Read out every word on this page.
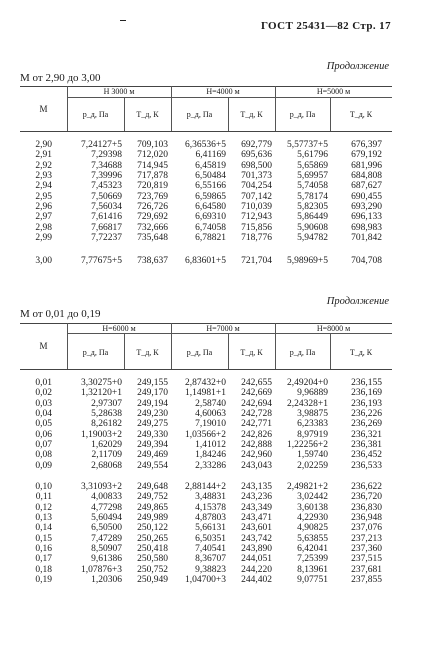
ГОСТ 25431—82 Стр. 17
Продолжение
М от 2,90 до 3,00
М
H 3000 м	H=4000 м	H=5000 м
p_д, Па	T_д, К	p_д, Па	T_д, К	p_д, Па	T_д, К
2,90	7,24127+5	709,103	6,36536+5	692,779	5,57737+5	676,397
2,91	7,29398	712,020	6,41169	695,636	5,61796	679,192
2,92	7,34688	714,945	6,45819	698,500	5,65869	681,996
2,93	7,39996	717,878	6,50484	701,373	5,69957	684,808
2,94	7,45323	720,819	6,55166	704,254	5,74058	687,627
2,95	7,50669	723,769	6,59865	707,142	5,78174	690,455
2,96	7,56034	726,726	6,64580	710,039	5,82305	693,290
2,97	7,61416	729,692	6,69310	712,943	5,86449	696,133
2,98	7,66817	732,666	6,74058	715,856	5,90608	698,983
2,99	7,72237	735,648	6,78821	718,776	5,94782	701,842
3,00	7,77675+5	738,637	6,83601+5	721,704	5,98969+5	704,708
Продолжение
М от 0,01 до 0,19
М
H=6000 м	H=7000 м	H=8000 м
p_д, Па	T_д, К	p_д, Па	T_д, К	p_д, Па	T_д, К
0,01	3,30275+0	249,155	2,87432+0	242,655	2,49204+0	236,155
0,02	1,32120+1	249,170	1,14981+1	242,669	9,96889	236,169
0,03	2,97307	249,194	2,58740	242,694	2,24328+1	236,193
0,04	5,28638	249,230	4,60063	242,728	3,98875	236,226
0,05	8,26182	249,275	7,19010	242,771	6,23383	236,269
0,06	1,19003+2	249,330	1,03566+2	242,826	8,97919	236,321
0,07	1,62029	249,394	1,41012	242,888	1,22256+2	236,381
0,08	2,11709	249,469	1,84246	242,960	1,59740	236,452
0,09	2,68068	249,554	2,33286	243,043	2,02259	236,533
0,10	3,31093+2	249,648	2,88144+2	243,135	2,49821+2	236,622
0,11	4,00833	249,752	3,48831	243,236	3,02442	236,720
0,12	4,77298	249,865	4,15378	243,349	3,60138	236,830
0,13	5,60494	249,989	4,87803	243,471	4,22930	236,948
0,14	6,50500	250,122	5,66131	243,601	4,90825	237,076
0,15	7,47289	250,265	6,50351	243,742	5,63855	237,213
0,16	8,50907	250,418	7,40541	243,890	6,42041	237,360
0,17	9,61386	250,580	8,36707	244,051	7,25399	237,515
0,18	1,07876+3	250,752	9,38823	244,220	8,13961	237,681
0,19	1,20306	250,949	1,04700+3	244,402	9,07751	237,855
